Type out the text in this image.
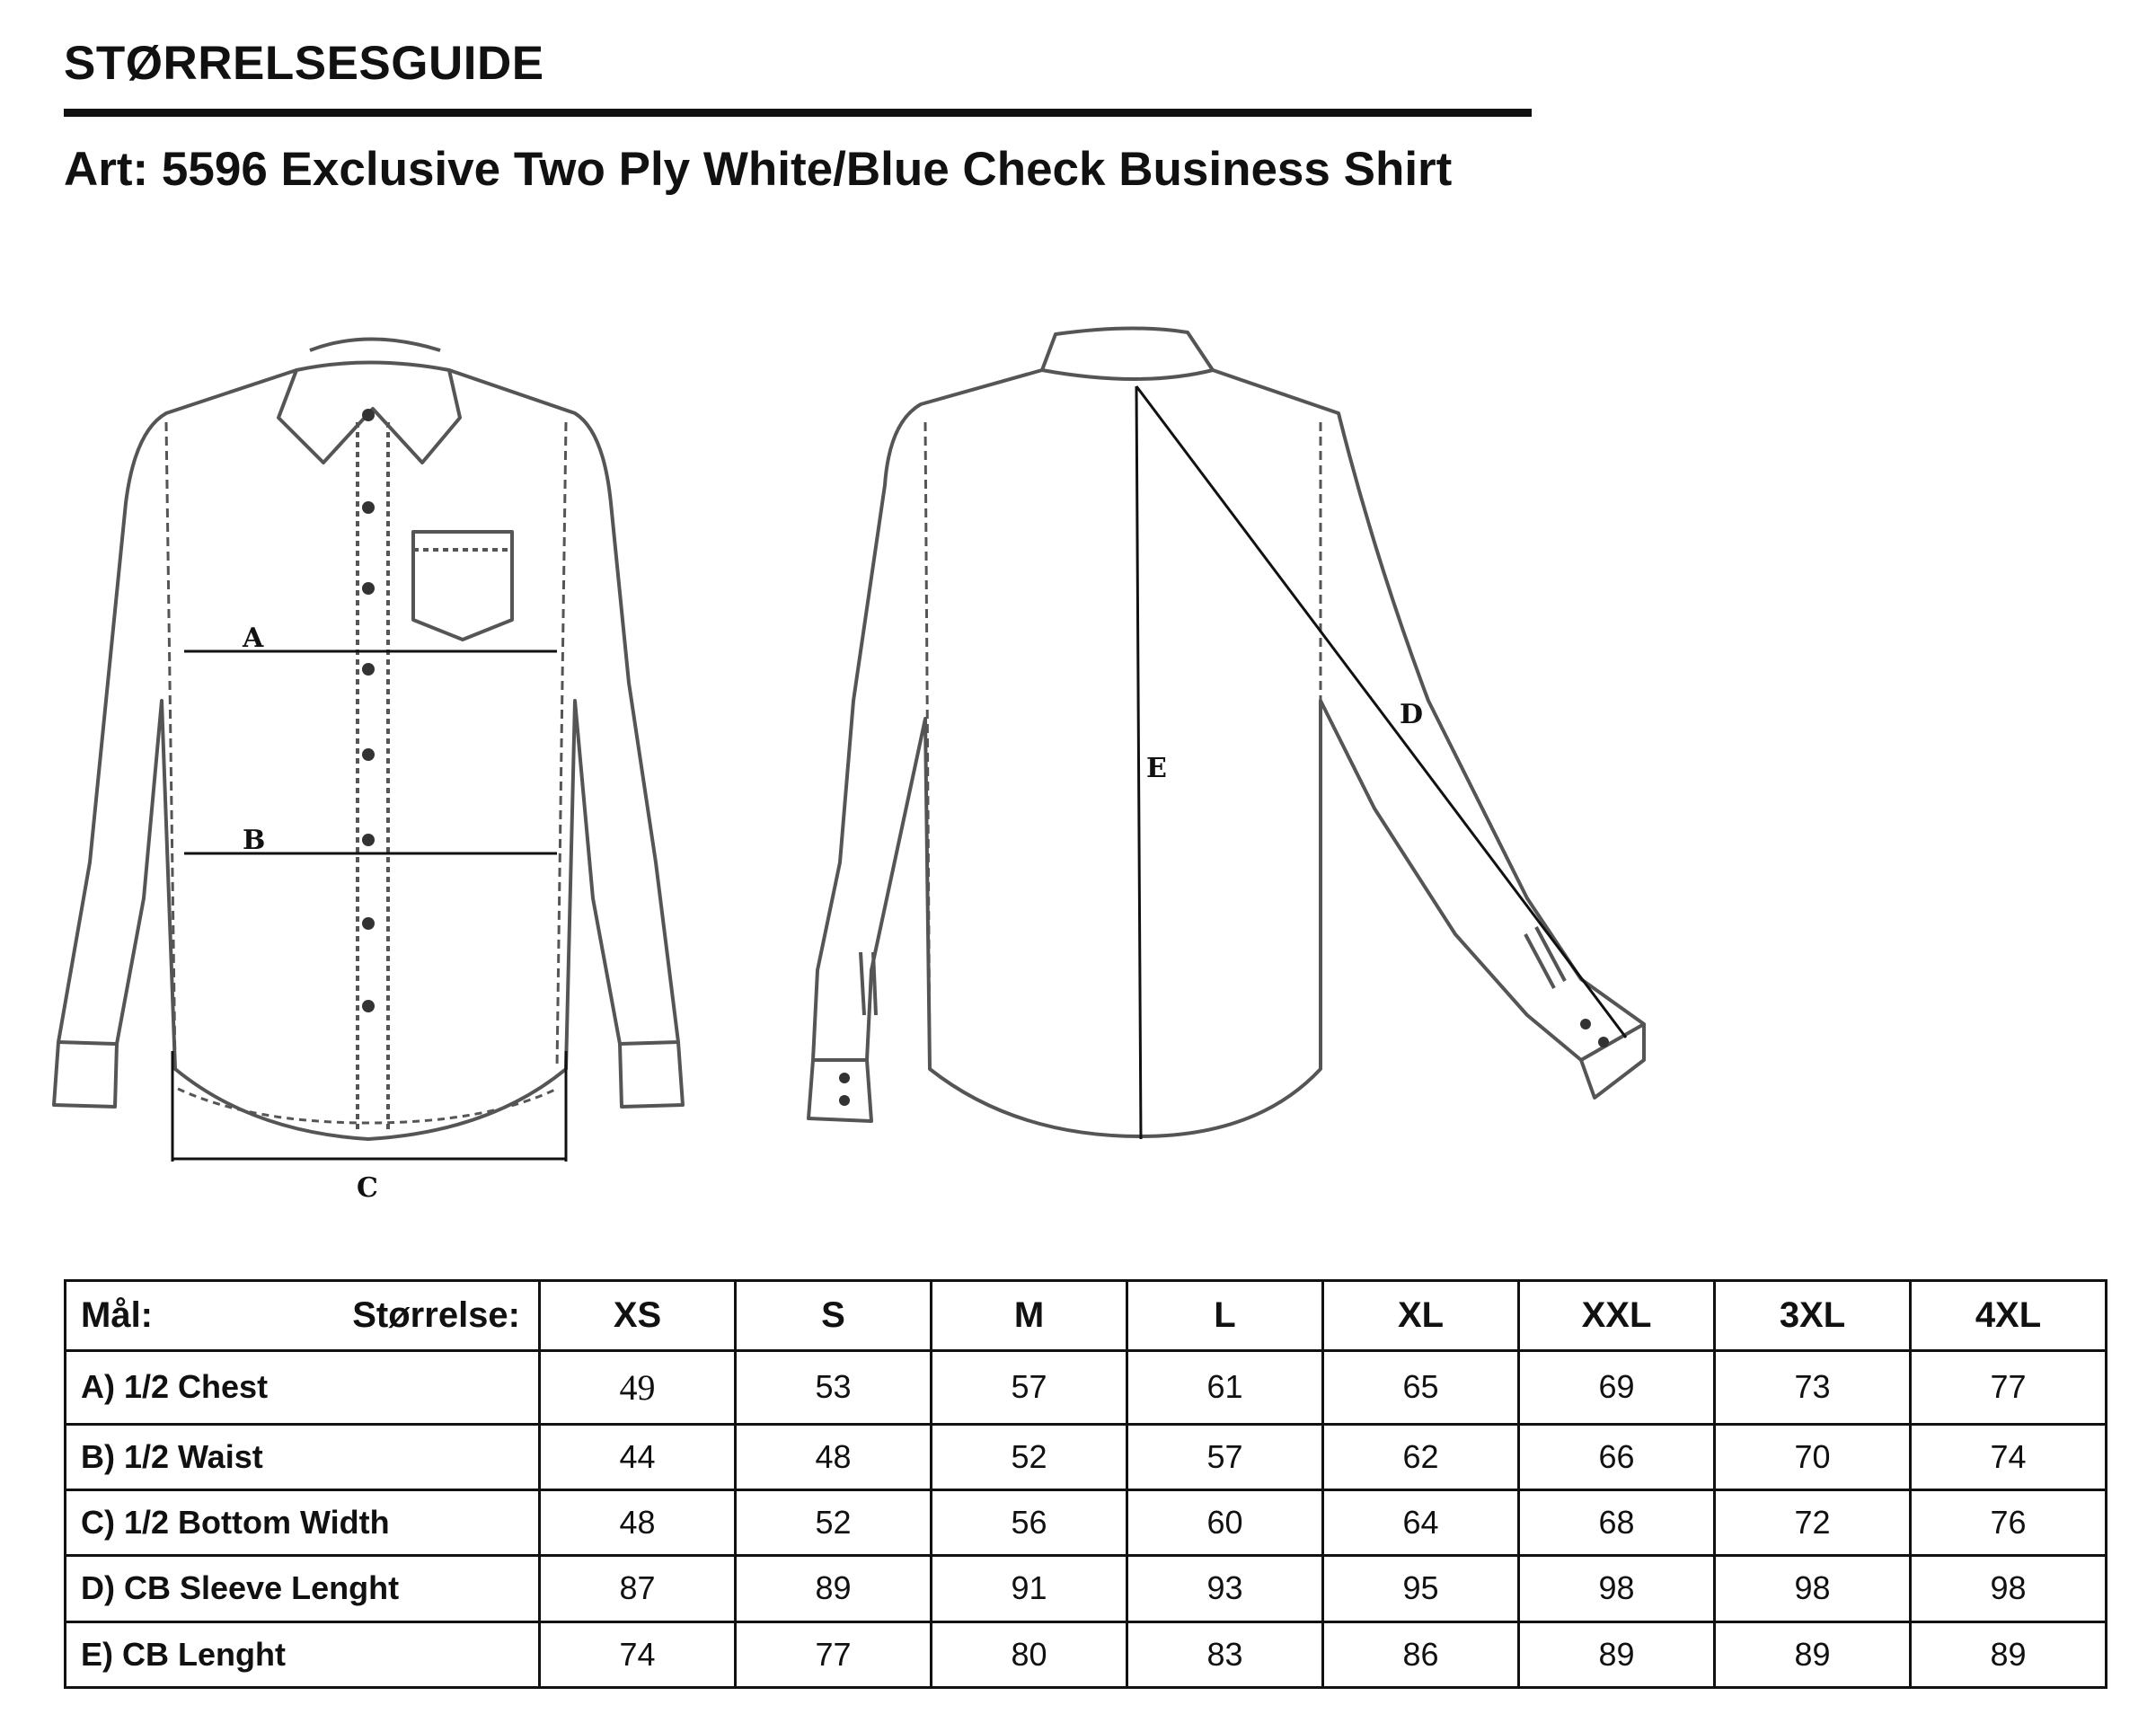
STØRRELSESGUIDE
Art: 5596 Exclusive Two Ply White/Blue Check Business Shirt
A
B
C
E
D
Mål: Størrelse:	XS	S	M	L	XL	XXL	3XL	4XL
A) 1/2 Chest	49	53	57	61	65	69	73	77
B) 1/2 Waist	44	48	52	57	62	66	70	74
C) 1/2 Bottom Width	48	52	56	60	64	68	72	76
D) CB Sleeve Lenght	87	89	91	93	95	98	98	98
E) CB Lenght	74	77	80	83	86	89	89	89
